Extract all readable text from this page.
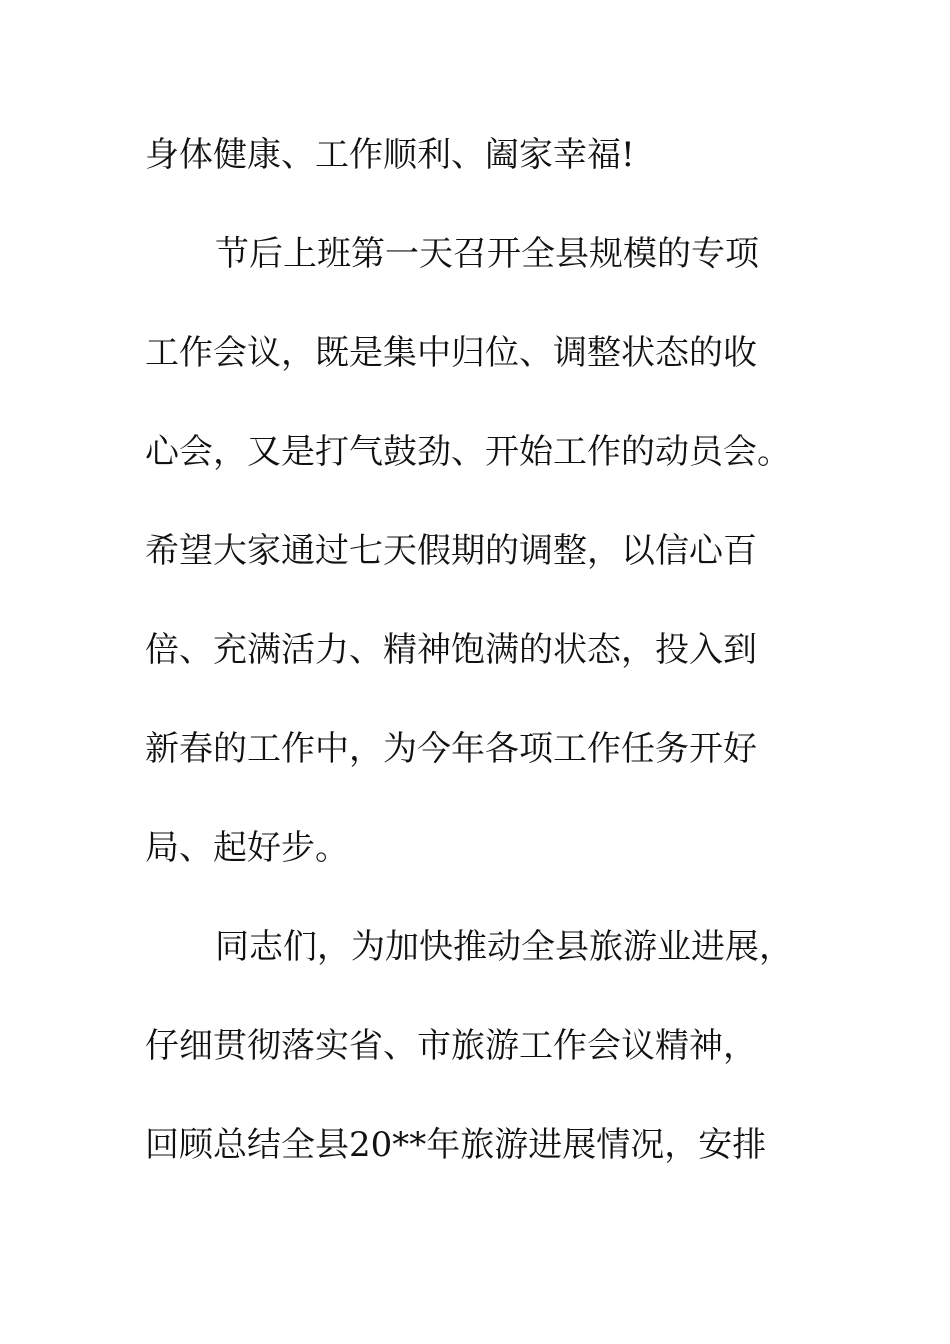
身体健康、工作顺利、阖家幸福!
节后上班第一天召开全县规模的专项
工作会议，既是集中归位、调整状态的收
心会，又是打气鼓劲、开始工作的动员会。
希望大家通过七天假期的调整，以信心百
倍、充满活力、精神饱满的状态，投入到
新春的工作中，为今年各项工作任务开好
局、起好步。
同志们，为加快推动全县旅游业进展，
仔细贯彻落实省、市旅游工作会议精神，
回顾总结全县20**年旅游进展情况，安排
